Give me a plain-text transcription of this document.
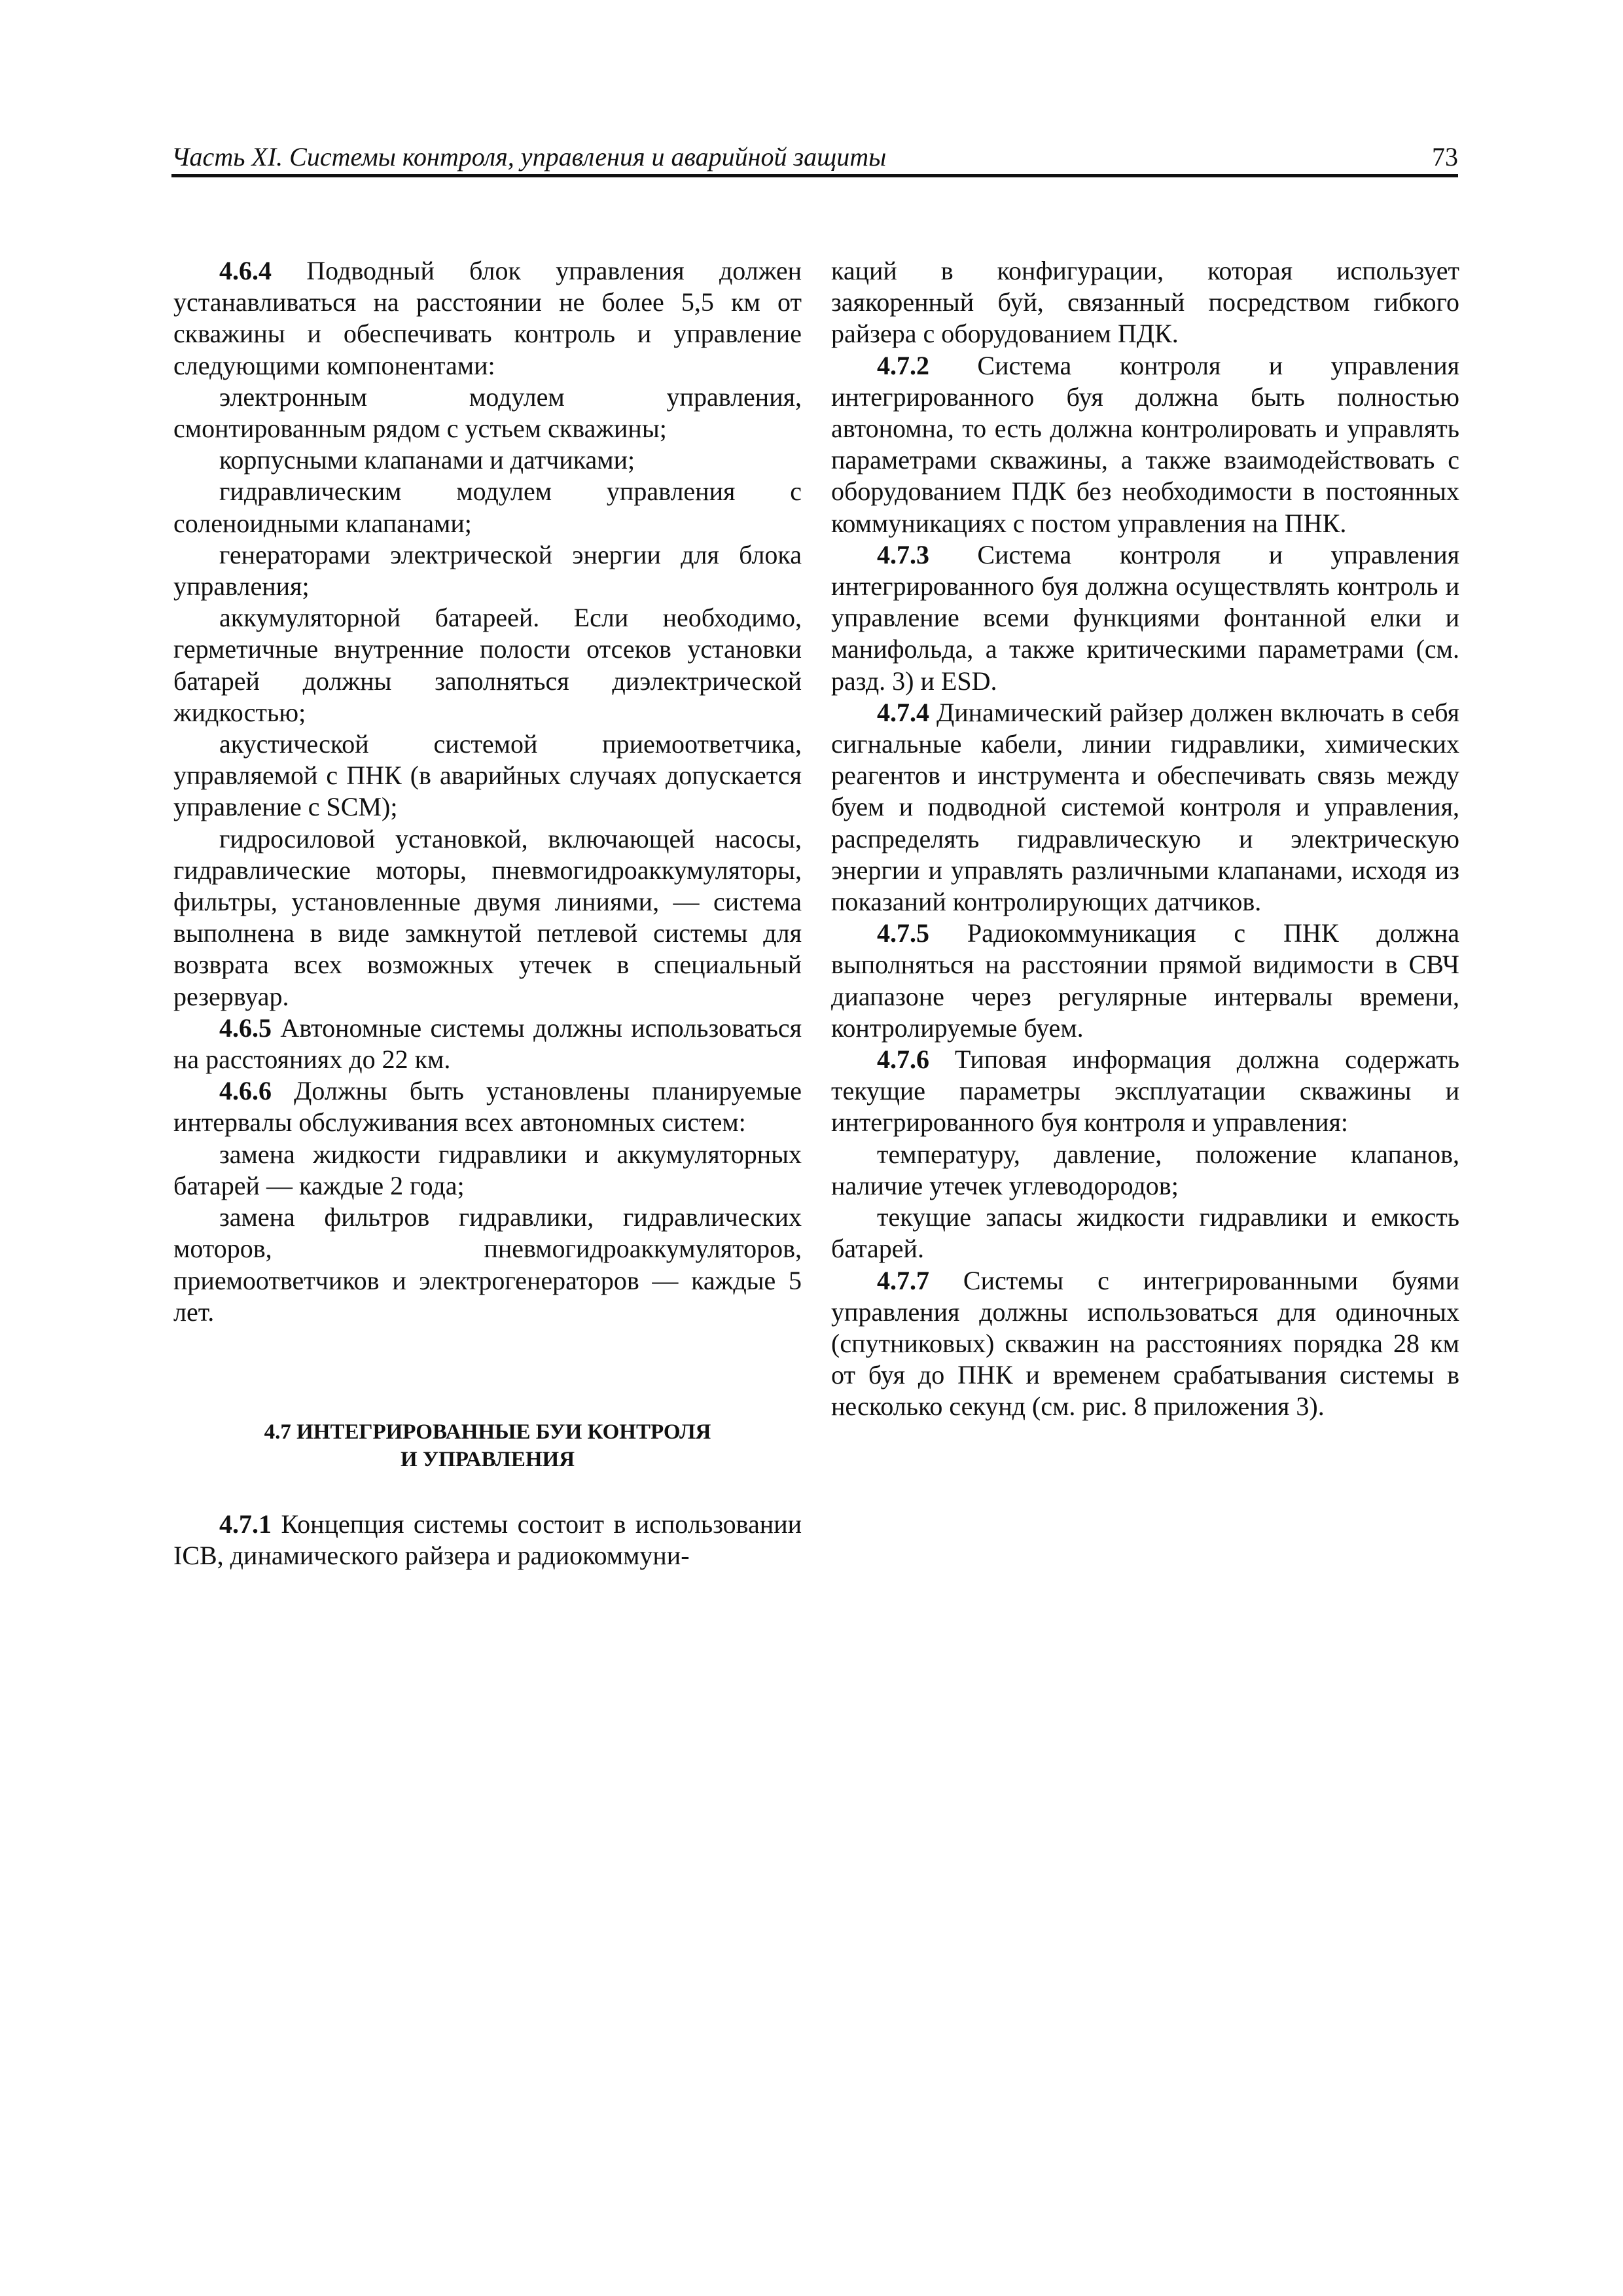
Часть XI. Системы контроля, управления и аварийной защиты	73

4.6.4 Подводный блок управления должен устанавливаться на расстоянии не более 5,5 км от скважины и обеспечивать контроль и управление следующими компонентами:

электронным модулем управления, смонтированным рядом с устьем скважины;

корпусными клапанами и датчиками;

гидравлическим модулем управления с соленоидными клапанами;

генераторами электрической энергии для блока управления;

аккумуляторной батареей. Если необходимо, герметичные внутренние полости отсеков установки батарей должны заполняться диэлектрической жидкостью;

акустической системой приемоответчика, управляемой с ПНК (в аварийных случаях допускается управление с SCM);

гидросиловой установкой, включающей насосы, гидравлические моторы, пневмогидроаккумуляторы, фильтры, установленные двумя линиями, — система выполнена в виде замкнутой петлевой системы для возврата всех возможных утечек в специальный резервуар.

4.6.5 Автономные системы должны использоваться на расстояниях до 22 км.

4.6.6 Должны быть установлены планируемые интервалы обслуживания всех автономных систем:

замена жидкости гидравлики и аккумуляторных батарей — каждые 2 года;

замена фильтров гидравлики, гидравлических моторов, пневмогидроаккумуляторов, приемоответчиков и электрогенераторов — каждые 5 лет.

4.7 ИНТЕГРИРОВАННЫЕ БУИ КОНТРОЛЯ
И УПРАВЛЕНИЯ

4.7.1 Концепция системы состоит в использовании ICB, динамического райзера и радиокоммуни-

каций в конфигурации, которая использует заякоренный буй, связанный посредством гибкого райзера с оборудованием ПДК.

4.7.2 Система контроля и управления интегрированного буя должна быть полностью автономна, то есть должна контролировать и управлять параметрами скважины, а также взаимодействовать с оборудованием ПДК без необходимости в постоянных коммуникациях с постом управления на ПНК.

4.7.3 Система контроля и управления интегрированного буя должна осуществлять контроль и управление всеми функциями фонтанной елки и манифольда, а также критическими параметрами (см. разд. 3) и ESD.

4.7.4 Динамический райзер должен включать в себя сигнальные кабели, линии гидравлики, химических реагентов и инструмента и обеспечивать связь между буем и подводной системой контроля и управления, распределять гидравлическую и электрическую энергии и управлять различными клапанами, исходя из показаний контролирующих датчиков.

4.7.5 Радиокоммуникация с ПНК должна выполняться на расстоянии прямой видимости в СВЧ диапазоне через регулярные интервалы времени, контролируемые буем.

4.7.6 Типовая информация должна содержать текущие параметры эксплуатации скважины и интегрированного буя контроля и управления:

температуру, давление, положение клапанов, наличие утечек углеводородов;

текущие запасы жидкости гидравлики и емкость батарей.

4.7.7 Системы с интегрированными буями управления должны использоваться для одиночных (спутниковых) скважин на расстояниях порядка 28 км от буя до ПНК и временем срабатывания системы в несколько секунд (см. рис. 8 приложения 3).
